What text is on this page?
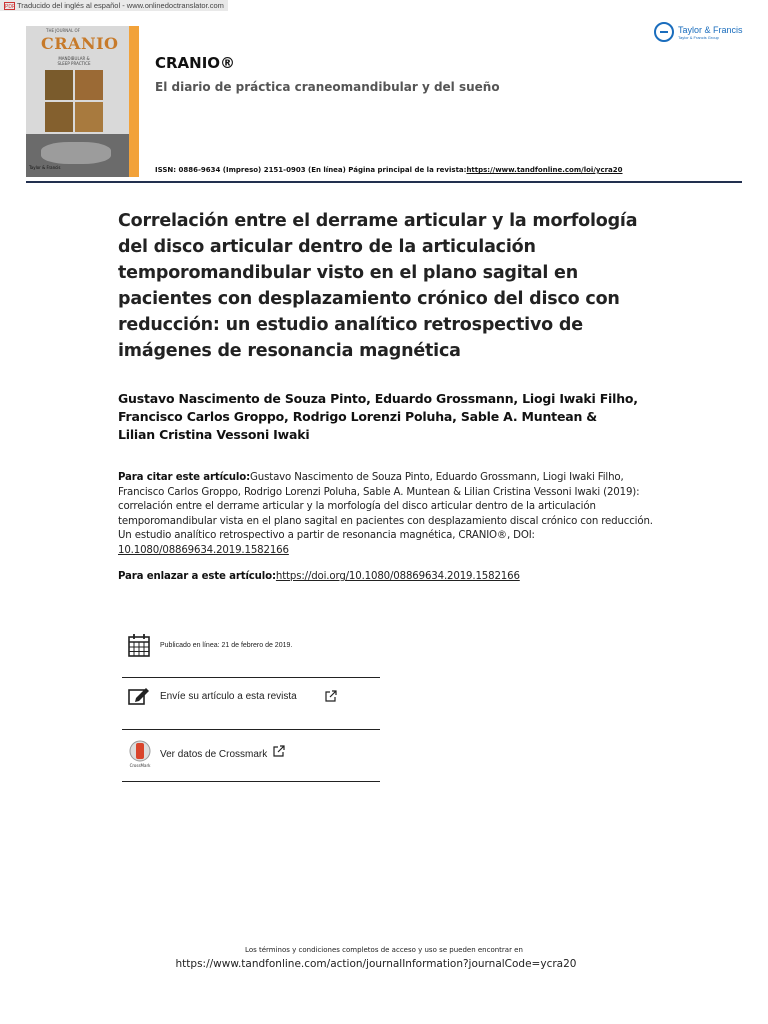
PDF Traducido del inglés al español - www.onlinedoctranslator.com
THE JOURNAL OF
CRANIO
MANDIBULAR & SLEEP PRACTICE
Taylor & Francis
CRANIO®
El diario de práctica craneomandibular y del sueño
ISSN: 0886-9634 (Impreso) 2151-0903 (En línea) Página principal de la revista:https://www.tandfonline.com/loi/ycra20
Taylor & Francis
Taylor & Francis Group
Correlación entre el derrame articular y la morfología del disco articular dentro de la articulación temporomandibular visto en el plano sagital en pacientes con desplazamiento crónico del disco con reducción: un estudio analítico retrospectivo de imágenes de resonancia magnética
Gustavo Nascimento de Souza Pinto, Eduardo Grossmann, Liogi Iwaki Filho, Francisco Carlos Groppo, Rodrigo Lorenzi Poluha, Sable A. Muntean & Lilian Cristina Vessoni Iwaki
Para citar este artículo:Gustavo Nascimento de Souza Pinto, Eduardo Grossmann, Liogi Iwaki Filho, Francisco Carlos Groppo, Rodrigo Lorenzi Poluha, Sable A. Muntean & Lilian Cristina Vessoni Iwaki (2019): correlación entre el derrame articular y la morfología del disco articular dentro de la articulación temporomandibular vista en el plano sagital en pacientes con desplazamiento discal crónico con reducción. Un estudio analítico retrospectivo a partir de resonancia magnética, CRANIO®, DOI: 10.1080/08869634.2019.1582166
Para enlazar a este artículo:https://doi.org/10.1080/08869634.2019.1582166
Publicado en línea: 21 de febrero de 2019.
Envíe su artículo a esta revista
CrossMark
Ver datos de Crossmark
Los términos y condiciones completos de acceso y uso se pueden encontrar en
https://www.tandfonline.com/action/journalInformation?journalCode=ycra20
